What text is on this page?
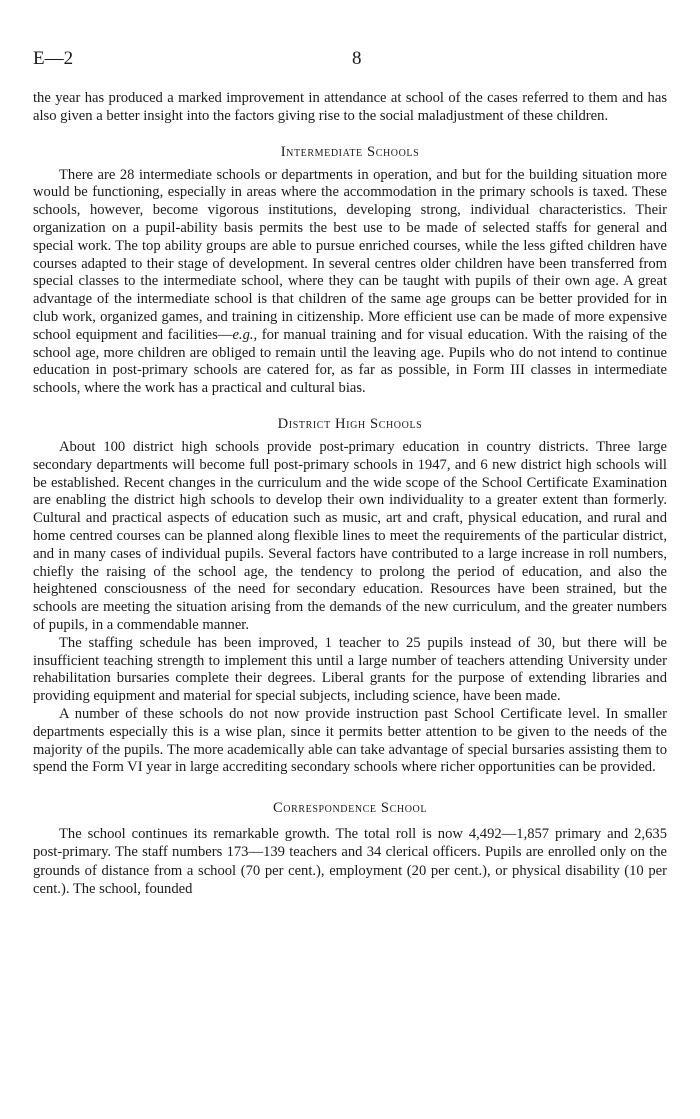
E—2	8

the year has produced a marked improvement in attendance at school of the cases referred to them and has also given a better insight into the factors giving rise to the social maladjustment of these children.

Intermediate Schools

There are 28 intermediate schools or departments in operation, and but for the building situation more would be functioning, especially in areas where the accommodation in the primary schools is taxed. These schools, however, become vigorous institutions, developing strong, individual characteristics. Their organization on a pupil-ability basis permits the best use to be made of selected staffs for general and special work. The top ability groups are able to pursue enriched courses, while the less gifted children have courses adapted to their stage of development. In several centres older children have been transferred from special classes to the intermediate school, where they can be taught with pupils of their own age. A great advantage of the intermediate school is that children of the same age groups can be better provided for in club work, organized games, and training in citizenship. More efficient use can be made of more expensive school equipment and facilities—e.g., for manual training and for visual education. With the raising of the school age, more children are obliged to remain until the leaving age. Pupils who do not intend to continue education in post-primary schools are catered for, as far as possible, in Form III classes in intermediate schools, where the work has a practical and cultural bias.

District High Schools

About 100 district high schools provide post-primary education in country districts. Three large secondary departments will become full post-primary schools in 1947, and 6 new district high schools will be established. Recent changes in the curriculum and the wide scope of the School Certificate Examination are enabling the district high schools to develop their own individuality to a greater extent than formerly. Cultural and practical aspects of education such as music, art and craft, physical education, and rural and home centred courses can be planned along flexible lines to meet the requirements of the particular district, and in many cases of individual pupils. Several factors have contributed to a large increase in roll numbers, chiefly the raising of the school age, the tendency to prolong the period of education, and also the heightened consciousness of the need for secondary education. Resources have been strained, but the schools are meeting the situation arising from the demands of the new curriculum, and the greater numbers of pupils, in a commendable manner.

The staffing schedule has been improved, 1 teacher to 25 pupils instead of 30, but there will be insufficient teaching strength to implement this until a large number of teachers attending University under rehabilitation bursaries complete their degrees. Liberal grants for the purpose of extending libraries and providing equipment and material for special subjects, including science, have been made.

A number of these schools do not now provide instruction past School Certificate level. In smaller departments especially this is a wise plan, since it permits better attention to be given to the needs of the majority of the pupils. The more academically able can take advantage of special bursaries assisting them to spend the Form VI year in large accrediting secondary schools where richer opportunities can be provided.

Correspondence School

The school continues its remarkable growth. The total roll is now 4,492—1,857 primary and 2,635 post-primary. The staff numbers 173—139 teachers and 34 clerical officers. Pupils are enrolled only on the grounds of distance from a school (70 per cent.), employment (20 per cent.), or physical disability (10 per cent.). The school, founded
